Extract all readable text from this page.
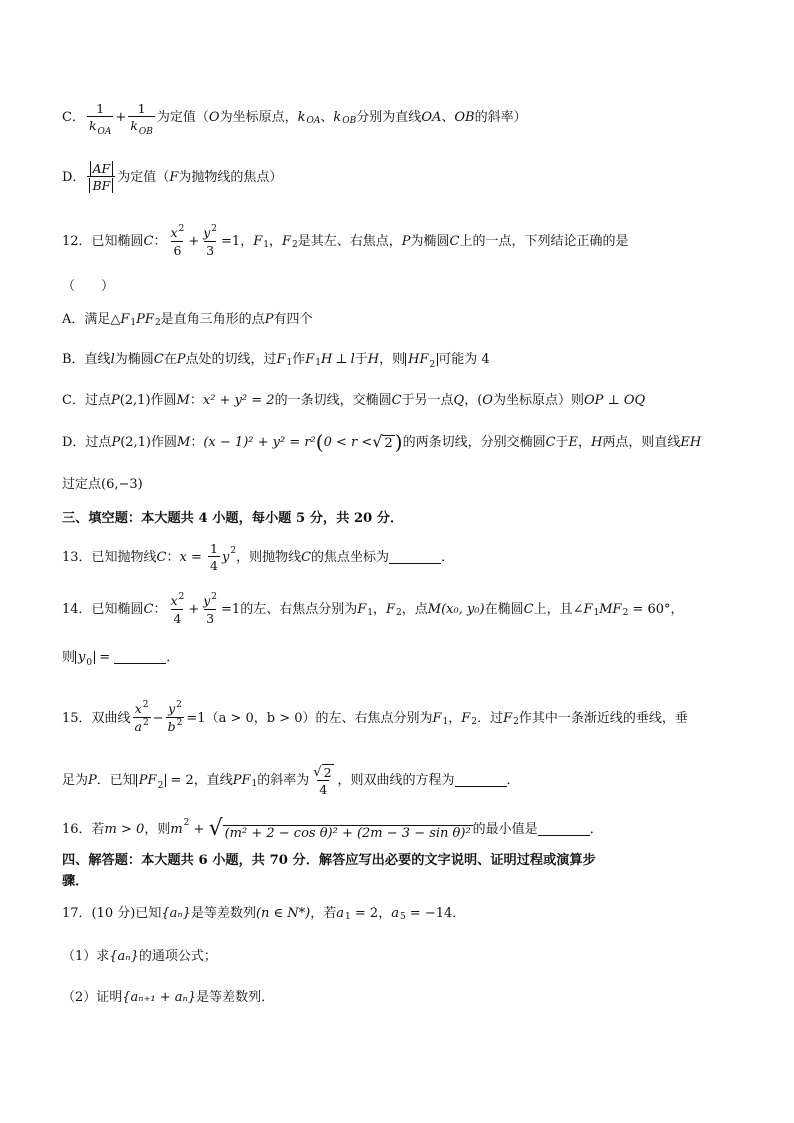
C． $\frac{1}{k_{OA}} + \frac{1}{k_{OB}}$ 为定值（ O 为坐标原点， k OA 、 k OB 分别为直线 OA 、 OB 的斜率）
D． $\frac{AF}{BF}$ 为定值（ F 为抛物线的焦点）
12．已知椭圆 C ： $\frac{x^2}{6} + \frac{y^2}{3} =1$ ， F 1 ， F 2 是其左、右焦点， P 为椭圆 C 上的一点，下列结论正确的是
（　　）
A．满足△ F 1 P F 2 是直角三角形的点 P 有四个
B．直线 l 为椭圆 C 在 P 点处的切线，过 F 1 作 F 1 H ⊥ l 于 H ，则 $HF_2$ 可能为 4
C．过点 P (2,1) 作圆 M ： x² + y² = 2 的一条切线，交椭圆 C 于另一点 Q ，( O 为坐标原点）则 OP ⊥ OQ
D．过点 P (2,1) 作圆 M ： (x − 1)² + y² = r² ( 0 < r < √ 2 ) 的两条切线，分别交椭圆 C 于 E ， H 两点，则直线 EH
过定点 (6,−3)
三、填空题：本大题共 4 小题，每小题 5 分，共 20 分．
13．已知抛物线 C ： $x = \frac{1}{4}$ y 2 ，则抛物线 C 的焦点坐标为	．
14．已知椭圆 C ： $\frac{x^2}{4} + \frac{y^2}{3} =1$ 的左、右焦点分别为 F 1 ， F 2 ，点 M (x₀, y₀) 在椭圆 C 上，且∠ F 1 M F 2 = 60°，
则 $y_0$ =	．
15．双曲线 $\frac{x^2}{a^2} - \frac{y^2}{b^2} =1$ （a > 0，b > 0） 的左、右焦点分别为 F 1 ， F 2 ．过 F 2 作其中一条渐近线的垂线，垂
足为 P ．已知 $PF_2 = 2$ ，直线 PF 1 的斜率为 $\frac{√ 2}{4}$ ，则双曲线的方程为	．
16．若 m > 0 ，则 m 2 + √ (m² + 2 − cos θ)² + (2m − 3 − sin θ)² 的最小值是	．
四、解答题：本大题共 6 小题，共 70 分．解答应写出必要的文字说明、证明过程或演算步
骤．
17．(10 分)已知 {aₙ} 是等差数列 (n ∈ N*) ，若 a 1 = 2 ， a 5 = −14 ．
（1）求 {aₙ} 的通项公式；
（2）证明 {aₙ₊₁ + aₙ} 是等差数列．
